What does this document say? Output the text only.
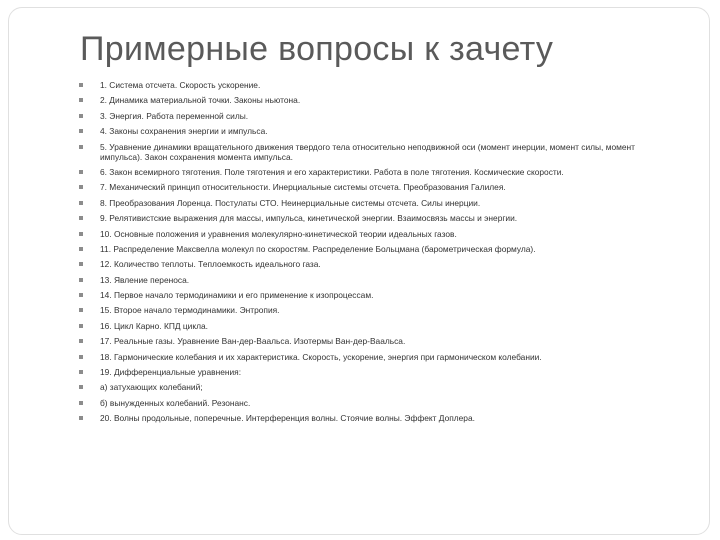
Примерные вопросы к зачету
1. Система отсчета. Скорость ускорение.
2. Динамика материальной точки. Законы ньютона.
3. Энергия. Работа переменной силы.
4. Законы сохранения энергии и импульса.
5. Уравнение динамики вращательного движения твердого тела относительно неподвижной оси (момент инерции, момент силы, момент импульса). Закон сохранения момента импульса.
6. Закон всемирного тяготения. Поле тяготения и его характеристики. Работа в поле тяготения. Космические скорости.
7. Механический принцип относительности. Инерциальные системы отсчета. Преобразования Галилея.
8. Преобразования Лоренца. Постулаты СТО. Неинерциальные системы отсчета. Силы инерции.
9. Релятивистские выражения для массы, импульса, кинетической энергии. Взаимосвязь массы и энергии.
10. Основные положения и уравнения молекулярно-кинетической теории идеальных газов.
11. Распределение Максвелла молекул по скоростям. Распределение Больцмана (барометрическая формула).
12. Количество теплоты. Теплоемкость идеального газа.
13. Явление переноса.
14. Первое начало термодинамики и его применение к изопроцессам.
15. Второе начало термодинамики. Энтропия.
16. Цикл Карно. КПД цикла.
17. Реальные газы. Уравнение Ван-дер-Ваальса. Изотермы Ван-дер-Ваальса.
18. Гармонические колебания и их характеристика. Скорость, ускорение, энергия при гармоническом колебании.
19. Дифференциальные уравнения:
а) затухающих колебаний;
б) вынужденных колебаний. Резонанс.
20. Волны продольные, поперечные. Интерференция волны. Стоячие волны. Эффект Доплера.
